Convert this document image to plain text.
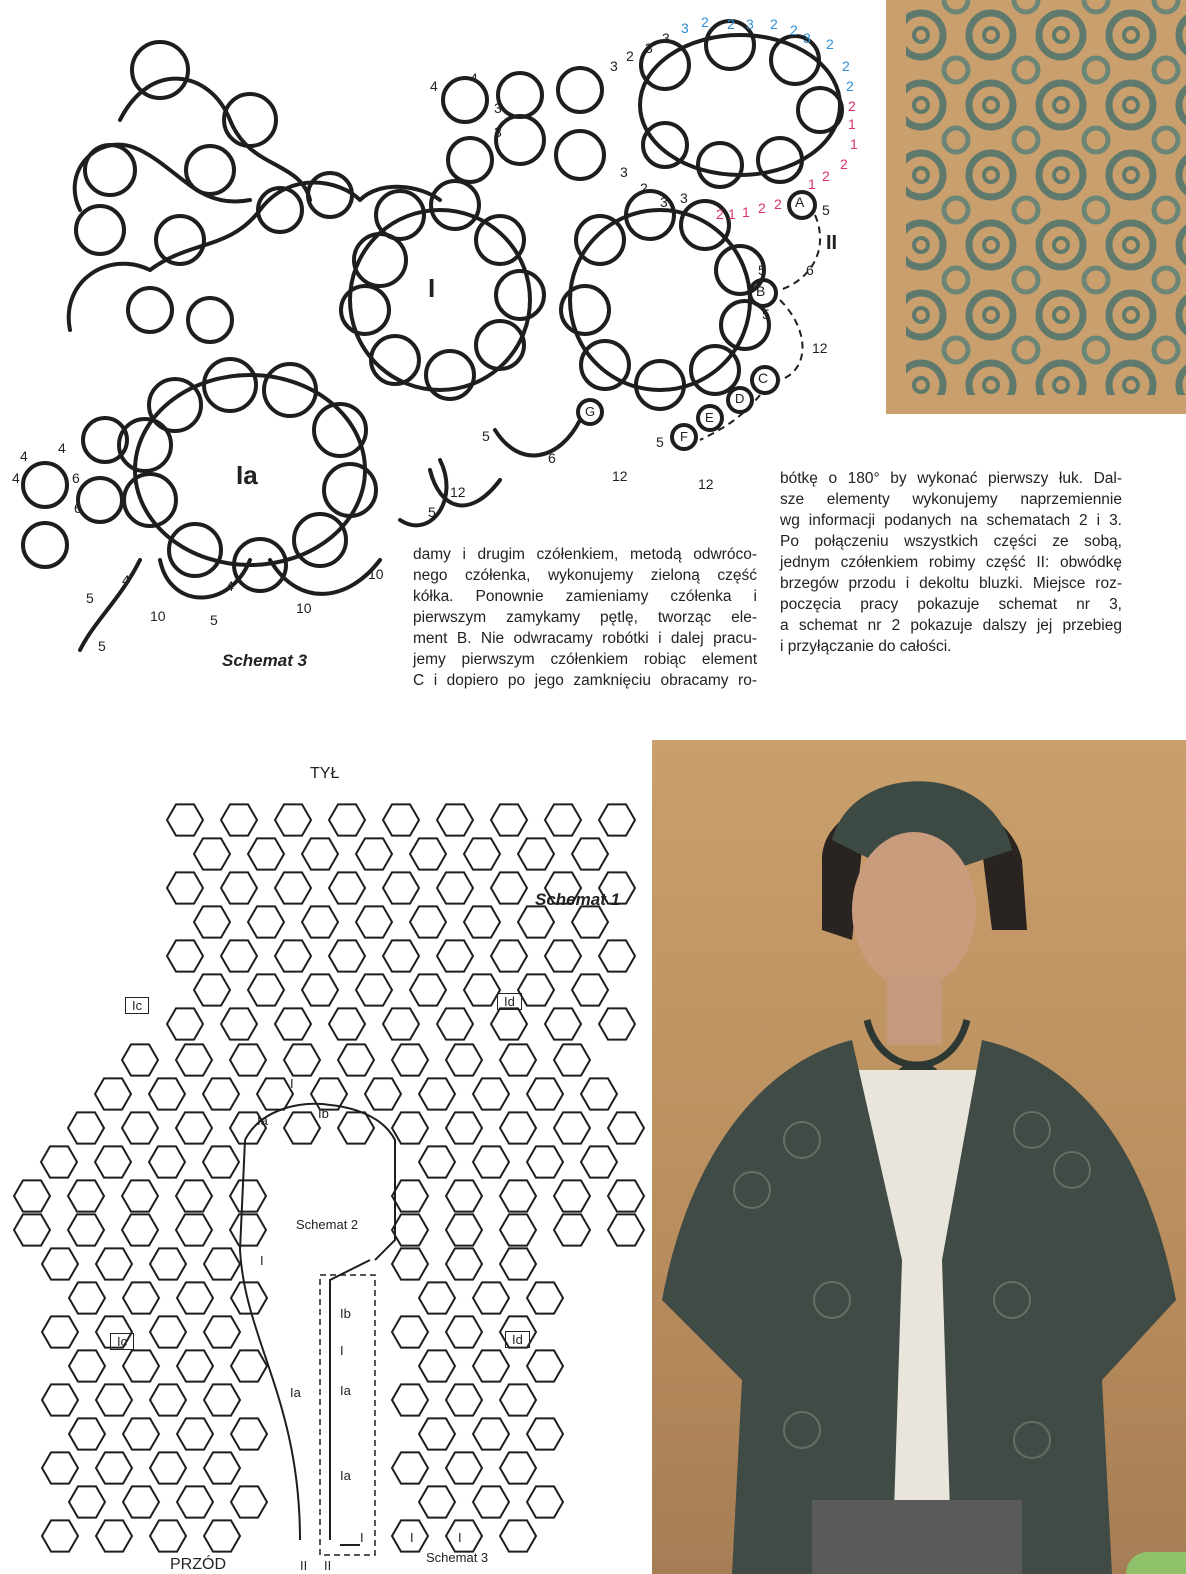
I
Ia
A
B
C
D
E
F
G
II
3 2 2 3 2 2 3 2
2
2
2
1
1
2
2
1
2
2
1
1
2	5
6
5
5
12
5
6
12
5
12
5
12
10
10
5
10
5
5
4
4
4
4
4
6
6
4 4
3
3
3
3 3
2
3
2 3
3
Schemat 3
damy i drugim czółenkiem, metodą odwróco-
nego czółenka, wykonujemy zieloną część
kółka. Ponownie zamieniamy czółenka i
pierwszym zamykamy pętlę, tworząc ele-
ment B. Nie odwracamy robótki i dalej pracu-
jemy pierwszym czółenkiem robiąc element
C i dopiero po jego zamknięciu obracamy ro-
bótkę o 180° by wykonać pierwszy łuk. Dal-
sze elementy wykonujemy naprzemiennie
wg informacji podanych na schematach 2 i 3.
Po połączeniu wszystkich części ze sobą,
jednym czółenkiem robimy część II: obwódkę
brzegów przodu i dekoltu bluzki. Miejsce roz-
poczęcia pracy pokazuje schemat nr 3,
a schemat nr 2 pokazuje dalszy jej przebieg
i przyłączanie do całości.
TYŁ
Schemat 1
Ic	Id
Ic	Id
I
Ia	Ib
I
Ib
I
Ia
Ia
Ia
I	I	I
II II
Schemat 2
Schemat 3
PRZÓD
